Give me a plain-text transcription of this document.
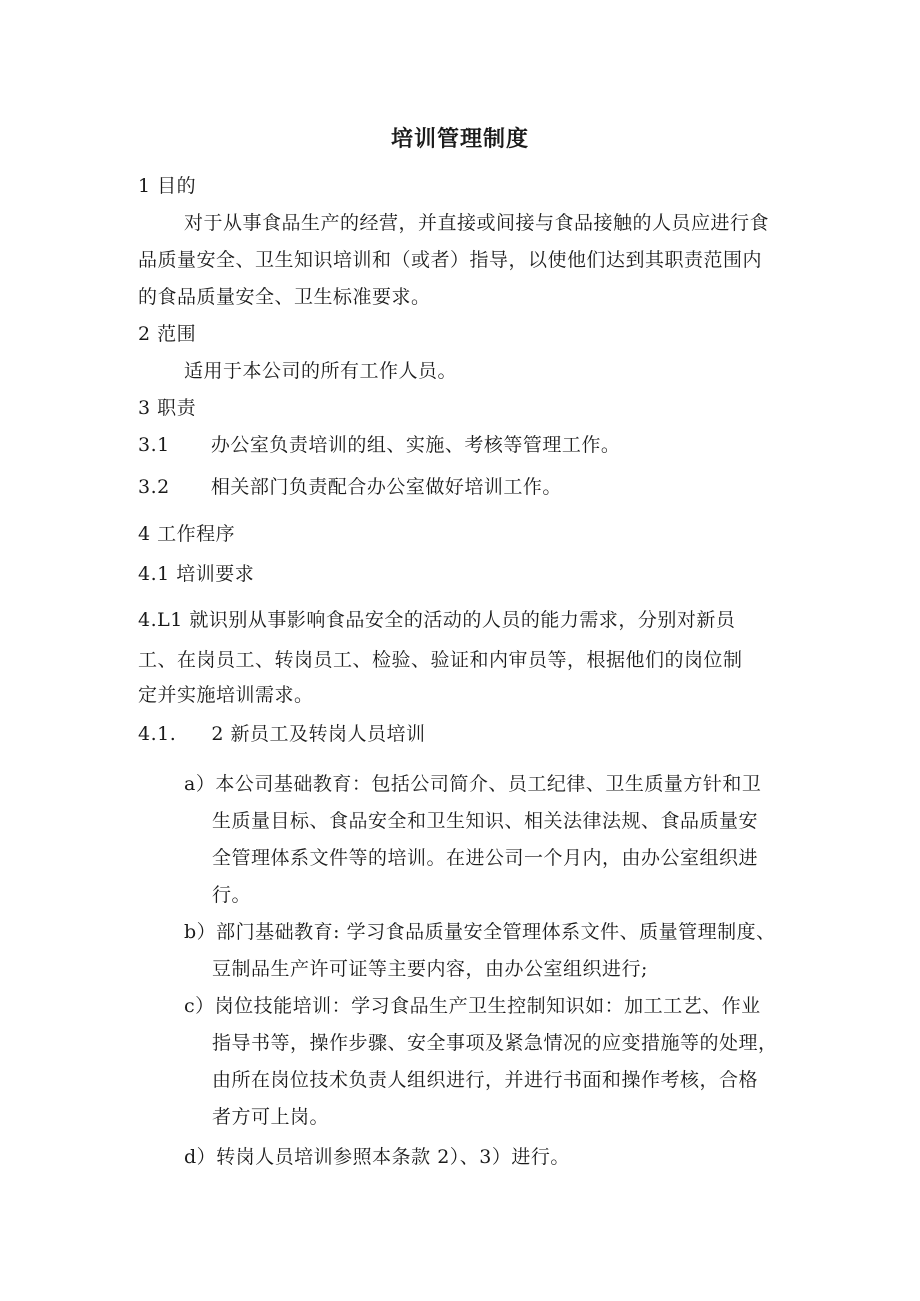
培训管理制度
1 目的
对于从事食品生产的经营，并直接或间接与食品接触的人员应进行食
品质量安全、卫生知识培训和（或者）指导，以使他们达到其职责范围内
的食品质量安全、卫生标准要求。
2 范围
适用于本公司的所有工作人员。
3 职责
3.1 办公室负责培训的组、实施、考核等管理工作。
3.2 相关部门负责配合办公室做好培训工作。
4 工作程序
4.1 培训要求
4.L1 就识别从事影响食品安全的活动的人员的能力需求，分别对新员
工、在岗员工、转岗员工、检验、验证和内审员等，根据他们的岗位制
定并实施培训需求。
4.1. 2 新员工及转岗人员培训
a）本公司基础教育：包括公司简介、员工纪律、卫生质量方针和卫
生质量目标、食品安全和卫生知识、相关法律法规、食品质量安
全管理体系文件等的培训。在进公司一个月内，由办公室组织进
行。
b）部门基础教育: 学习食品质量安全管理体系文件、质量管理制度、
豆制品生产许可证等主要内容，由办公室组织进行;
c）岗位技能培训：学习食品生产卫生控制知识如：加工工艺、作业
指导书等，操作步骤、安全事项及紧急情况的应变措施等的处理，
由所在岗位技术负责人组织进行，并进行书面和操作考核，合格
者方可上岗。
d）转岗人员培训参照本条款 2）、3）进行。
